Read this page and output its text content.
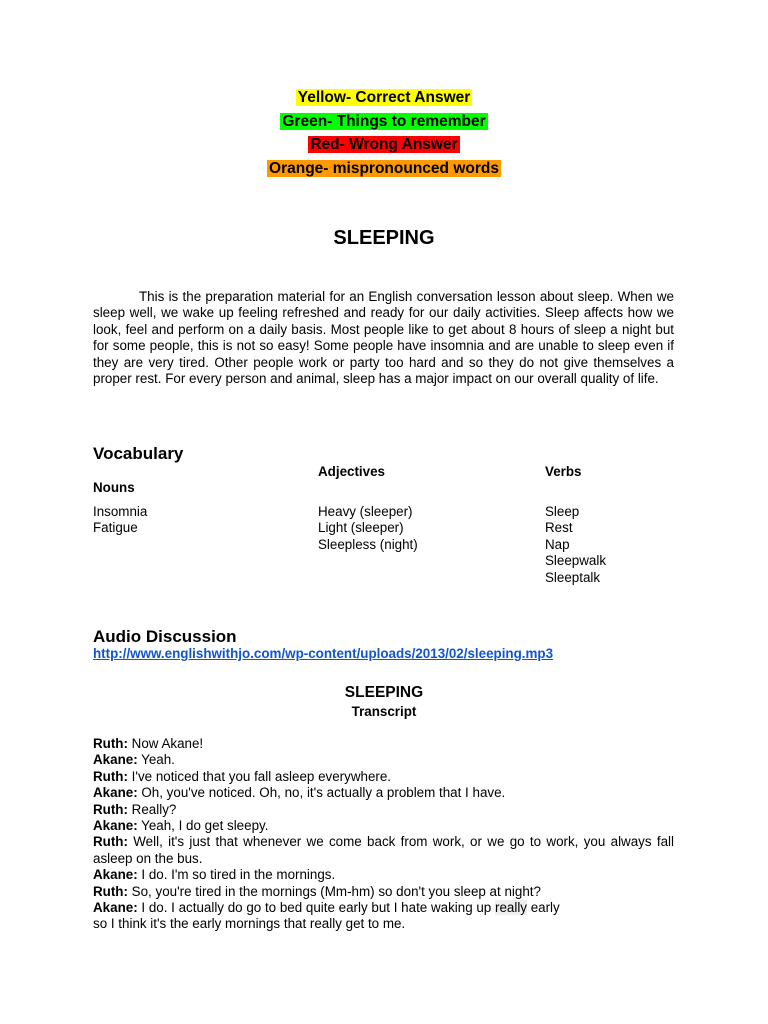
Yellow- Correct Answer
Green- Things to remember
Red- Wrong Answer
Orange- mispronounced words
SLEEPING

This is the preparation material for an English conversation lesson about sleep. When we sleep well, we wake up feeling refreshed and ready for our daily activities. Sleep affects how we look, feel and perform on a daily basis. Most people like to get about 8 hours of sleep a night but for some people, this is not so easy! Some people have insomnia and are unable to sleep even if they are very tired. Other people work or party too hard and so they do not give themselves a proper rest. For every person and animal, sleep has a major impact on our overall quality of life.

Vocabulary
Adjectives	Verbs
Nouns
Insomnia
Fatigue
Heavy (sleeper)
Light (sleeper)
Sleepless (night)
Sleep
Rest
Nap
Sleepwalk
Sleeptalk
Audio Discussion
http://www.englishwithjo.com/wp-content/uploads/2013/02/sleeping.mp3
SLEEPING
Transcript
Ruth: Now Akane!
Akane: Yeah.
Ruth: I've noticed that you fall asleep everywhere.
Akane: Oh, you've noticed. Oh, no, it's actually a problem that I have.
Ruth: Really?
Akane: Yeah, I do get sleepy.
Ruth: Well, it's just that whenever we come back from work, or we go to work, you always fall asleep on the bus.
Akane: I do. I'm so tired in the mornings.
Ruth: So, you're tired in the mornings (Mm-hm) so don't you sleep at night?
Akane: I do. I actually do go to bed quite early but I hate waking up really early
so I think it's the early mornings that really get to me.
